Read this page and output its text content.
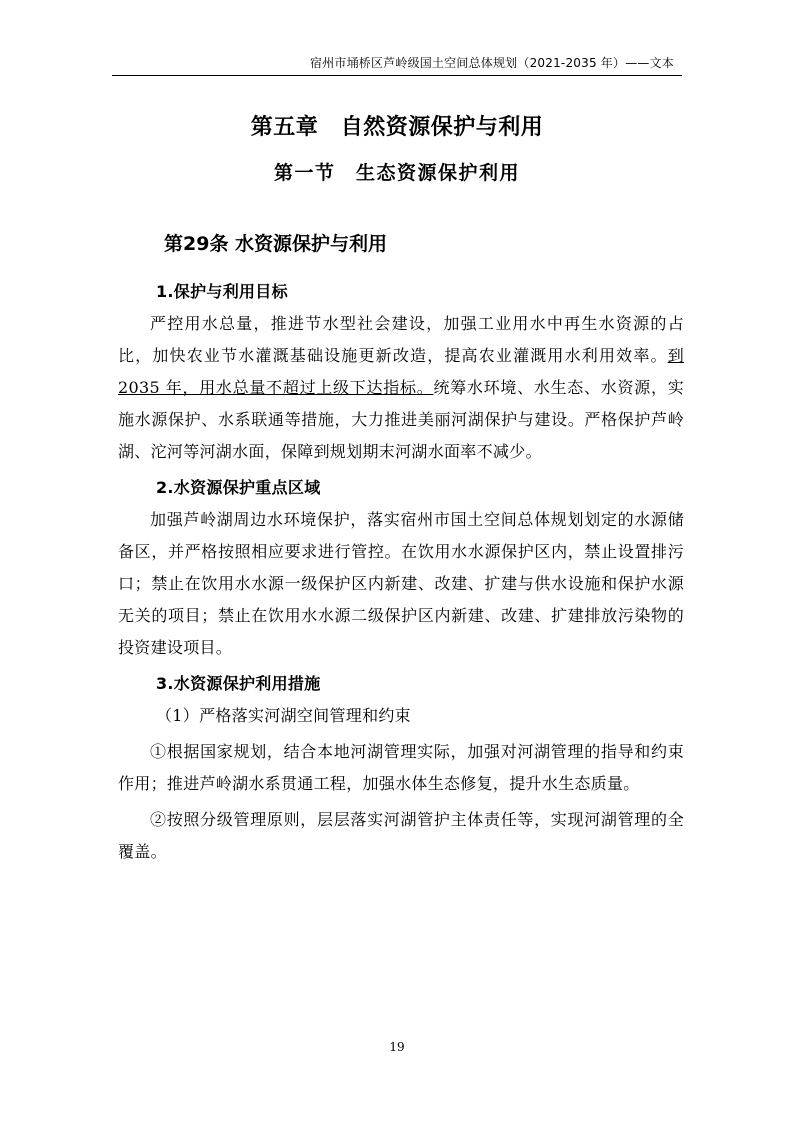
宿州市埇桥区芦岭级国土空间总体规划（2021-2035 年）——文本
第五章　自然资源保护与利用
第一节　生态资源保护利用
第29条 水资源保护与利用

1.保护与利用目标

严控用水总量，推进节水型社会建设，加强工业用水中再生水资源的占比，加快农业节水灌溉基础设施更新改造，提高农业灌溉用水利用效率。到 2035 年，用水总量不超过上级下达指标。统筹水环境、水生态、水资源，实施水源保护、水系联通等措施，大力推进美丽河湖保护与建设。严格保护芦岭湖、沱河等河湖水面，保障到规划期末河湖水面率不减少。

2.水资源保护重点区域

加强芦岭湖周边水环境保护，落实宿州市国土空间总体规划划定的水源储备区，并严格按照相应要求进行管控。在饮用水水源保护区内，禁止设置排污口；禁止在饮用水水源一级保护区内新建、改建、扩建与供水设施和保护水源无关的项目；禁止在饮用水水源二级保护区内新建、改建、扩建排放污染物的投资建设项目。

3.水资源保护利用措施

（1）严格落实河湖空间管理和约束

①根据国家规划，结合本地河湖管理实际，加强对河湖管理的指导和约束作用；推进芦岭湖水系贯通工程，加强水体生态修复，提升水生态质量。

②按照分级管理原则，层层落实河湖管护主体责任等，实现河湖管理的全覆盖。

19
